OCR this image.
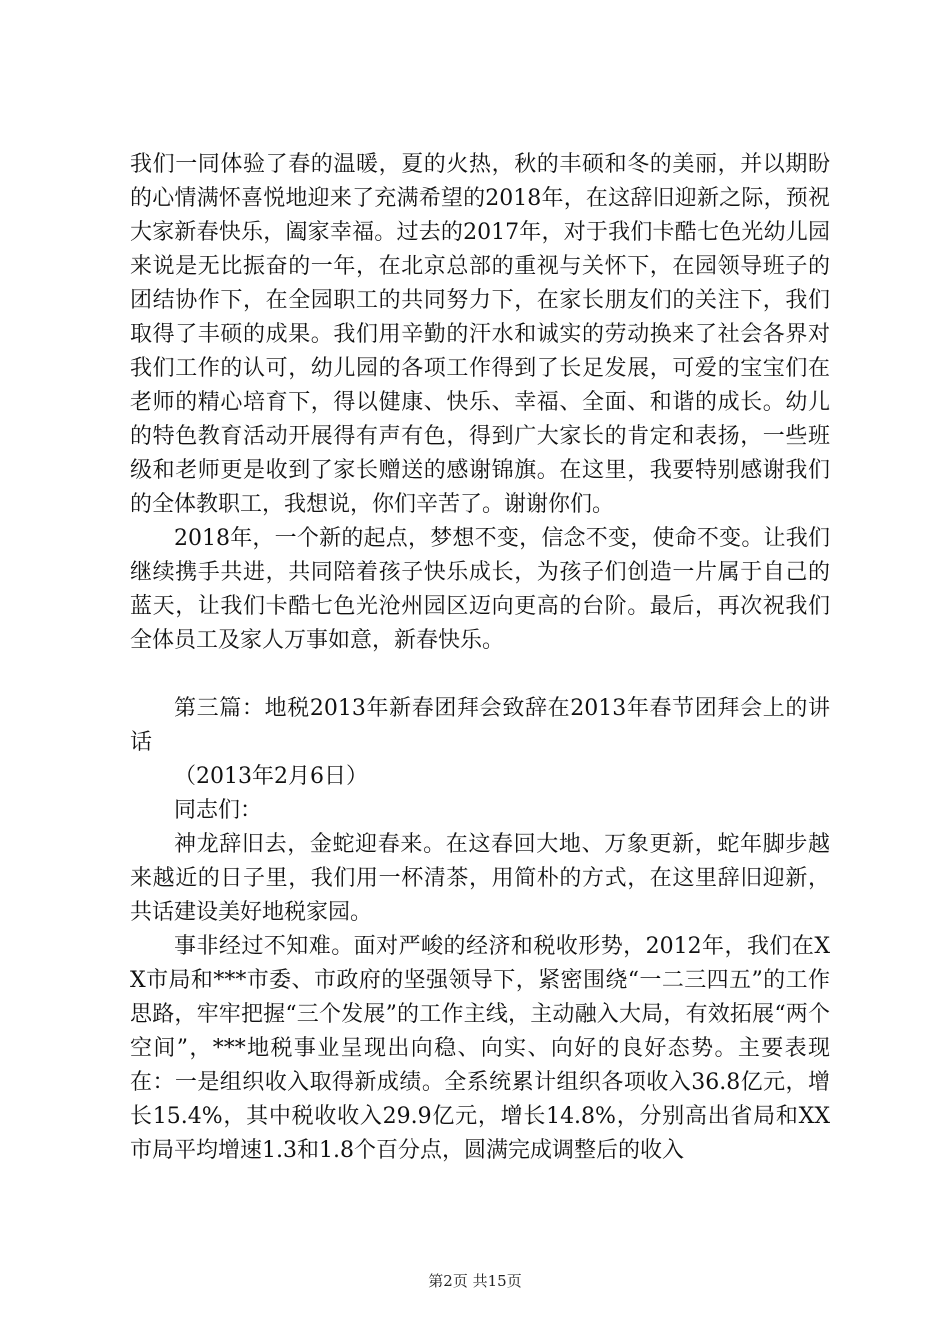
我们一同体验了春的温暖，夏的火热，秋的丰硕和冬的美丽，并以期盼的心情满怀喜悦地迎来了充满希望的2018年，在这辞旧迎新之际，预祝大家新春快乐，阖家幸福。过去的2017年，对于我们卡酷七色光幼儿园来说是无比振奋的一年，在北京总部的重视与关怀下，在园领导班子的团结协作下，在全园职工的共同努力下，在家长朋友们的关注下，我们取得了丰硕的成果。我们用辛勤的汗水和诚实的劳动换来了社会各界对我们工作的认可，幼儿园的各项工作得到了长足发展，可爱的宝宝们在老师的精心培育下，得以健康、快乐、幸福、全面、和谐的成长。幼儿的特色教育活动开展得有声有色，得到广大家长的肯定和表扬，一些班级和老师更是收到了家长赠送的感谢锦旗。在这里，我要特别感谢我们的全体教职工，我想说，你们辛苦了。谢谢你们。

2018年，一个新的起点，梦想不变，信念不变，使命不变。让我们继续携手共进，共同陪着孩子快乐成长，为孩子们创造一片属于自己的蓝天，让我们卡酷七色光沧州园区迈向更高的台阶。最后，再次祝我们全体员工及家人万事如意，新春快乐。

第三篇：地税2013年新春团拜会致辞在2013年春节团拜会上的讲话

（2013年2月6日）

同志们：

神龙辞旧去，金蛇迎春来。在这春回大地、万象更新，蛇年脚步越来越近的日子里，我们用一杯清茶，用简朴的方式，在这里辞旧迎新，共话建设美好地税家园。

事非经过不知难。面对严峻的经济和税收形势，2012年，我们在XX市局和***市委、市政府的坚强领导下，紧密围绕“一二三四五”的工作思路，牢牢把握“三个发展”的工作主线，主动融入大局，有效拓展“两个空间”，***地税事业呈现出向稳、向实、向好的良好态势。主要表现在：一是组织收入取得新成绩。全系统累计组织各项收入36.8亿元，增长15.4%，其中税收收入29.9亿元，增长14.8%，分别高出省局和XX市局平均增速1.3和1.8个百分点，圆满完成调整后的收入

第2页 共15页
